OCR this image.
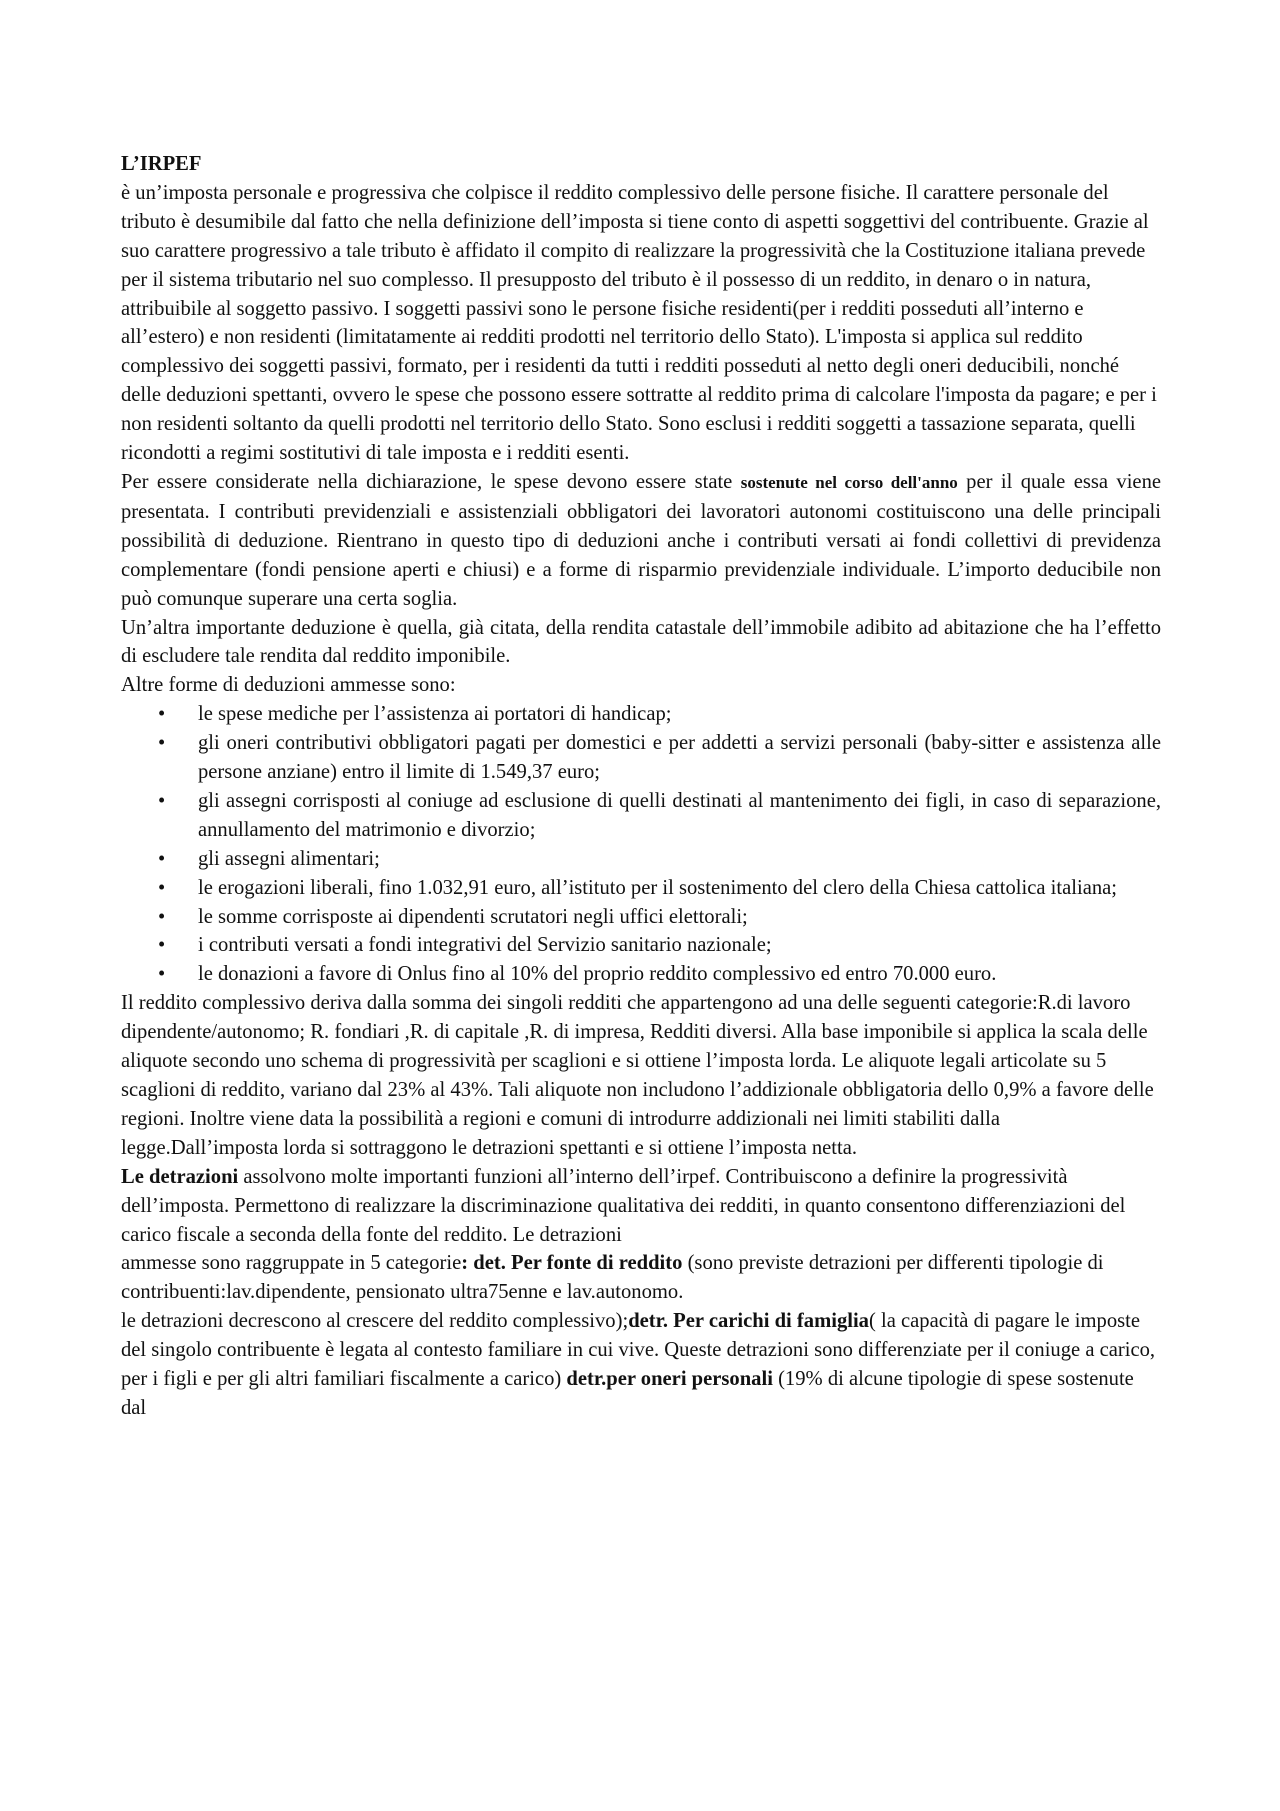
L’IRPEF

è un’imposta personale e progressiva che colpisce il reddito complessivo delle persone fisiche. Il carattere personale del tributo è desumibile dal fatto che nella definizione dell’imposta si tiene conto di aspetti soggettivi del contribuente. Grazie al suo carattere progressivo a tale tributo è affidato il compito di realizzare la progressività che la Costituzione italiana prevede per il sistema tributario nel suo complesso. Il presupposto del tributo è il possesso di un reddito, in denaro o in natura, attribuibile al soggetto passivo. I soggetti passivi sono le persone fisiche residenti(per i redditi posseduti all’interno e all’estero) e non residenti (limitatamente ai redditi prodotti nel territorio dello Stato). L'imposta si applica sul reddito complessivo dei soggetti passivi, formato, per i residenti da tutti i redditi posseduti al netto degli oneri deducibili, nonché delle deduzioni spettanti, ovvero le spese che possono essere sottratte al reddito prima di calcolare l'imposta da pagare; e per i non residenti soltanto da quelli prodotti nel territorio dello Stato. Sono esclusi i redditi soggetti a tassazione separata, quelli ricondotti a regimi sostitutivi di tale imposta e i redditi esenti.

Per essere considerate nella dichiarazione, le spese devono essere state sostenute nel corso dell'anno per il quale essa viene presentata. I contributi previdenziali e assistenziali obbligatori dei lavoratori autonomi costituiscono una delle principali possibilità di deduzione. Rientrano in questo tipo di deduzioni anche i contributi versati ai fondi collettivi di previdenza complementare (fondi pensione aperti e chiusi) e a forme di risparmio previdenziale individuale. L’importo deducibile non può comunque superare una certa soglia.

Un’altra importante deduzione è quella, già citata, della rendita catastale dell’immobile adibito ad abitazione che ha l’effetto di escludere tale rendita dal reddito imponibile.

Altre forme di deduzioni ammesse sono:

• le spese mediche per l’assistenza ai portatori di handicap;
• gli oneri contributivi obbligatori pagati per domestici e per addetti a servizi personali (baby-sitter e assistenza alle persone anziane) entro il limite di 1.549,37 euro;
• gli assegni corrisposti al coniuge ad esclusione di quelli destinati al mantenimento dei figli, in caso di separazione, annullamento del matrimonio e divorzio;
• gli assegni alimentari;
• le erogazioni liberali, fino 1.032,91 euro, all’istituto per il sostenimento del clero della Chiesa cattolica italiana;
• le somme corrisposte ai dipendenti scrutatori negli uffici elettorali;
• i contributi versati a fondi integrativi del Servizio sanitario nazionale;
• le donazioni a favore di Onlus fino al 10% del proprio reddito complessivo ed entro 70.000 euro.

Il reddito complessivo deriva dalla somma dei singoli redditi che appartengono ad una delle seguenti categorie:R.di lavoro dipendente/autonomo; R. fondiari ,R. di capitale ,R. di impresa, Redditi diversi. Alla base imponibile si applica la scala delle aliquote secondo uno schema di progressività per scaglioni e si ottiene l’imposta lorda. Le aliquote legali articolate su 5 scaglioni di reddito, variano dal 23% al 43%. Tali aliquote non includono l’addizionale obbligatoria dello 0,9% a favore delle regioni. Inoltre viene data la possibilità a regioni e comuni di introdurre addizionali nei limiti stabiliti dalla legge.Dall’imposta lorda si sottraggono le detrazioni spettanti e si ottiene l’imposta netta.

Le detrazioni assolvono molte importanti funzioni all’interno dell’irpef. Contribuiscono a definire la progressività dell’imposta. Permettono di realizzare la discriminazione qualitativa dei redditi, in quanto consentono differenziazioni del carico fiscale a seconda della fonte del reddito. Le detrazioni

ammesse sono raggruppate in 5 categorie: det. Per fonte di reddito (sono previste detrazioni per differenti tipologie di contribuenti:lav.dipendente, pensionato ultra75enne e lav.autonomo.

le detrazioni decrescono al crescere del reddito complessivo);detr. Per carichi di famiglia( la capacità di pagare le imposte del singolo contribuente è legata al contesto familiare in cui vive. Queste detrazioni sono differenziate per il coniuge a carico, per i figli e per gli altri familiari fiscalmente a carico) detr.per oneri personali (19% di alcune tipologie di spese sostenute dal
